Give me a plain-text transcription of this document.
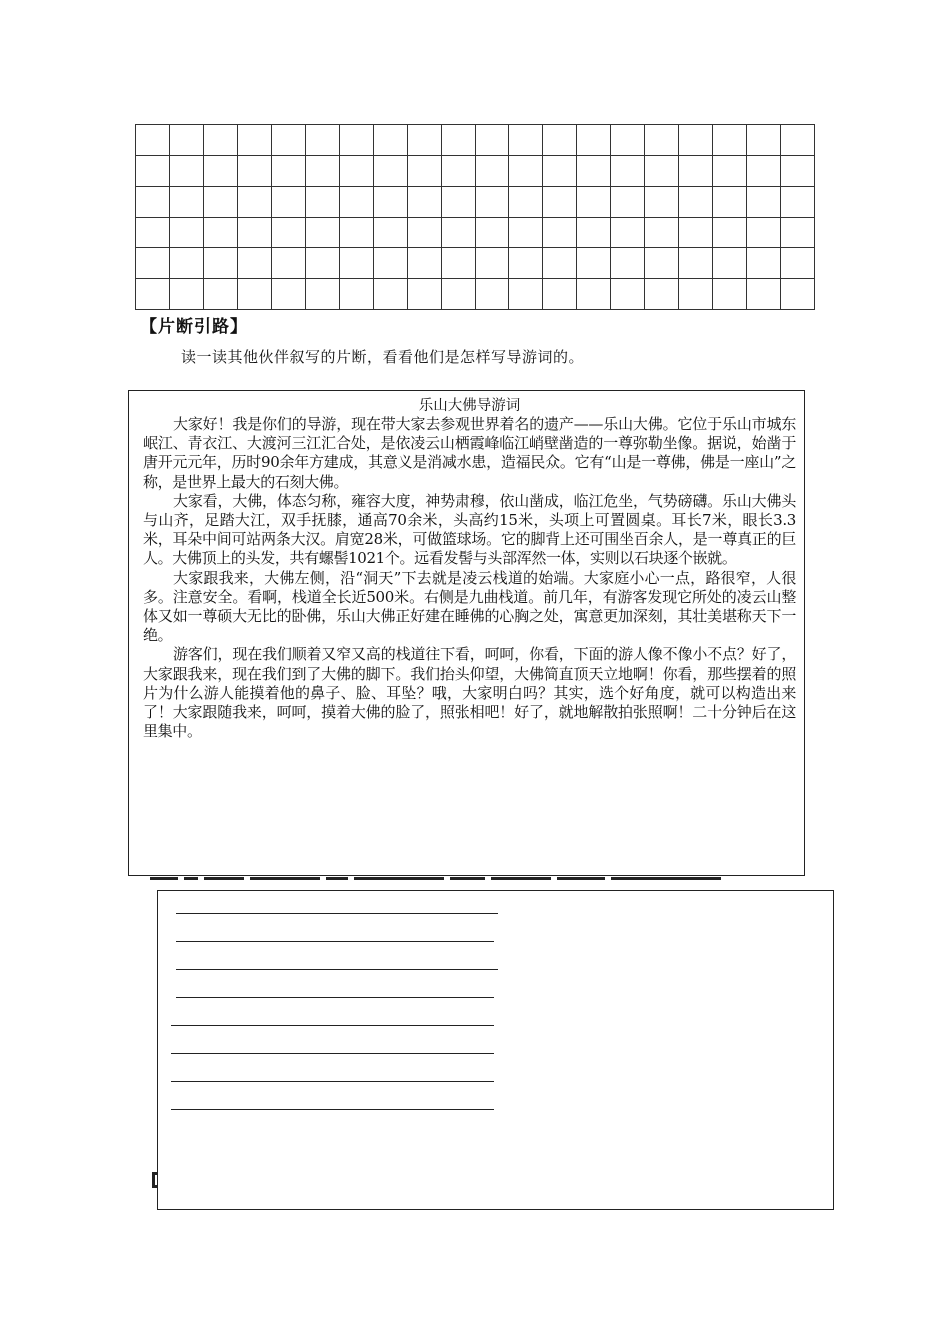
【片断引路】
读一读其他伙伴叙写的片断，看看他们是怎样写导游词的。
乐山大佛导游词

大家好！我是你们的导游，现在带大家去参观世界着名的遗产——乐山大佛。它位于乐山市城东岷江、青衣江、大渡河三江汇合处，是依凌云山栖霞峰临江峭壁凿造的一尊弥勒坐像。据说，始凿于唐开元元年，历时90余年方建成，其意义是消减水患，造福民众。它有“山是一尊佛，佛是一座山”之称，是世界上最大的石刻大佛。

大家看，大佛，体态匀称，雍容大度，神势肃穆，依山凿成，临江危坐，气势磅礴。乐山大佛头与山齐，足踏大江，双手抚膝，通高70余米，头高约15米，头项上可置圆桌。耳长7米，眼长3.3米，耳朵中间可站两条大汉。肩宽28米，可做篮球场。它的脚背上还可围坐百余人，是一尊真正的巨人。大佛顶上的头发，共有螺髻1021个。远看发髻与头部浑然一体，实则以石块逐个嵌就。

大家跟我来，大佛左侧，沿“洞天”下去就是凌云栈道的始端。大家庭小心一点，路很窄，人很多。注意安全。看啊，栈道全长近500米。右侧是九曲栈道。前几年，有游客发现它所处的凌云山整体又如一尊硕大无比的卧佛，乐山大佛正好建在睡佛的心胸之处，寓意更加深刻，其壮美堪称天下一绝。

游客们，现在我们顺着又窄又高的栈道往下看，呵呵，你看，下面的游人像不像小不点？好了，大家跟我来，现在我们到了大佛的脚下。我们抬头仰望，大佛简直顶天立地啊！你看，那些摆着的照片为什么游人能摸着他的鼻子、脸、耳坠？哦，大家明白吗？其实，选个好角度，就可以构造出来了！大家跟随我来，呵呵，摸着大佛的脸了，照张相吧！好了，就地解散拍张照啊！二十分钟后在这里集中。
